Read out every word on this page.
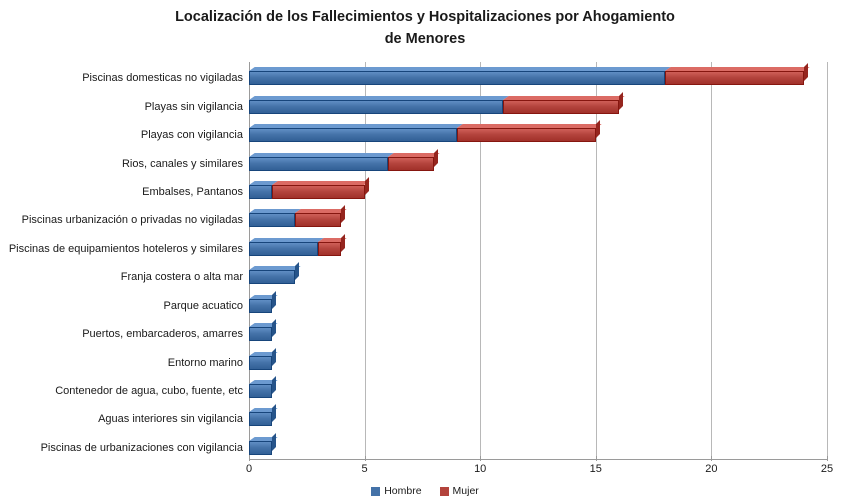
Localización de los Fallecimientos y Hospitalizaciones por Ahogamiento
de Menores
Piscinas domesticas no vigiladas
Playas sin vigilancia
Playas con vigilancia
Rios, canales y similares
Embalses, Pantanos
Piscinas urbanización o privadas no vigiladas
Piscinas de equipamientos hoteleros y similares
Franja costera o alta mar
Parque acuatico
Puertos, embarcaderos, amarres
Entorno marino
Contenedor de agua, cubo, fuente, etc
Aguas interiores sin vigilancia
Piscinas de urbanizaciones con vigilancia
0	5	10	15	20	25
Hombre	Mujer
